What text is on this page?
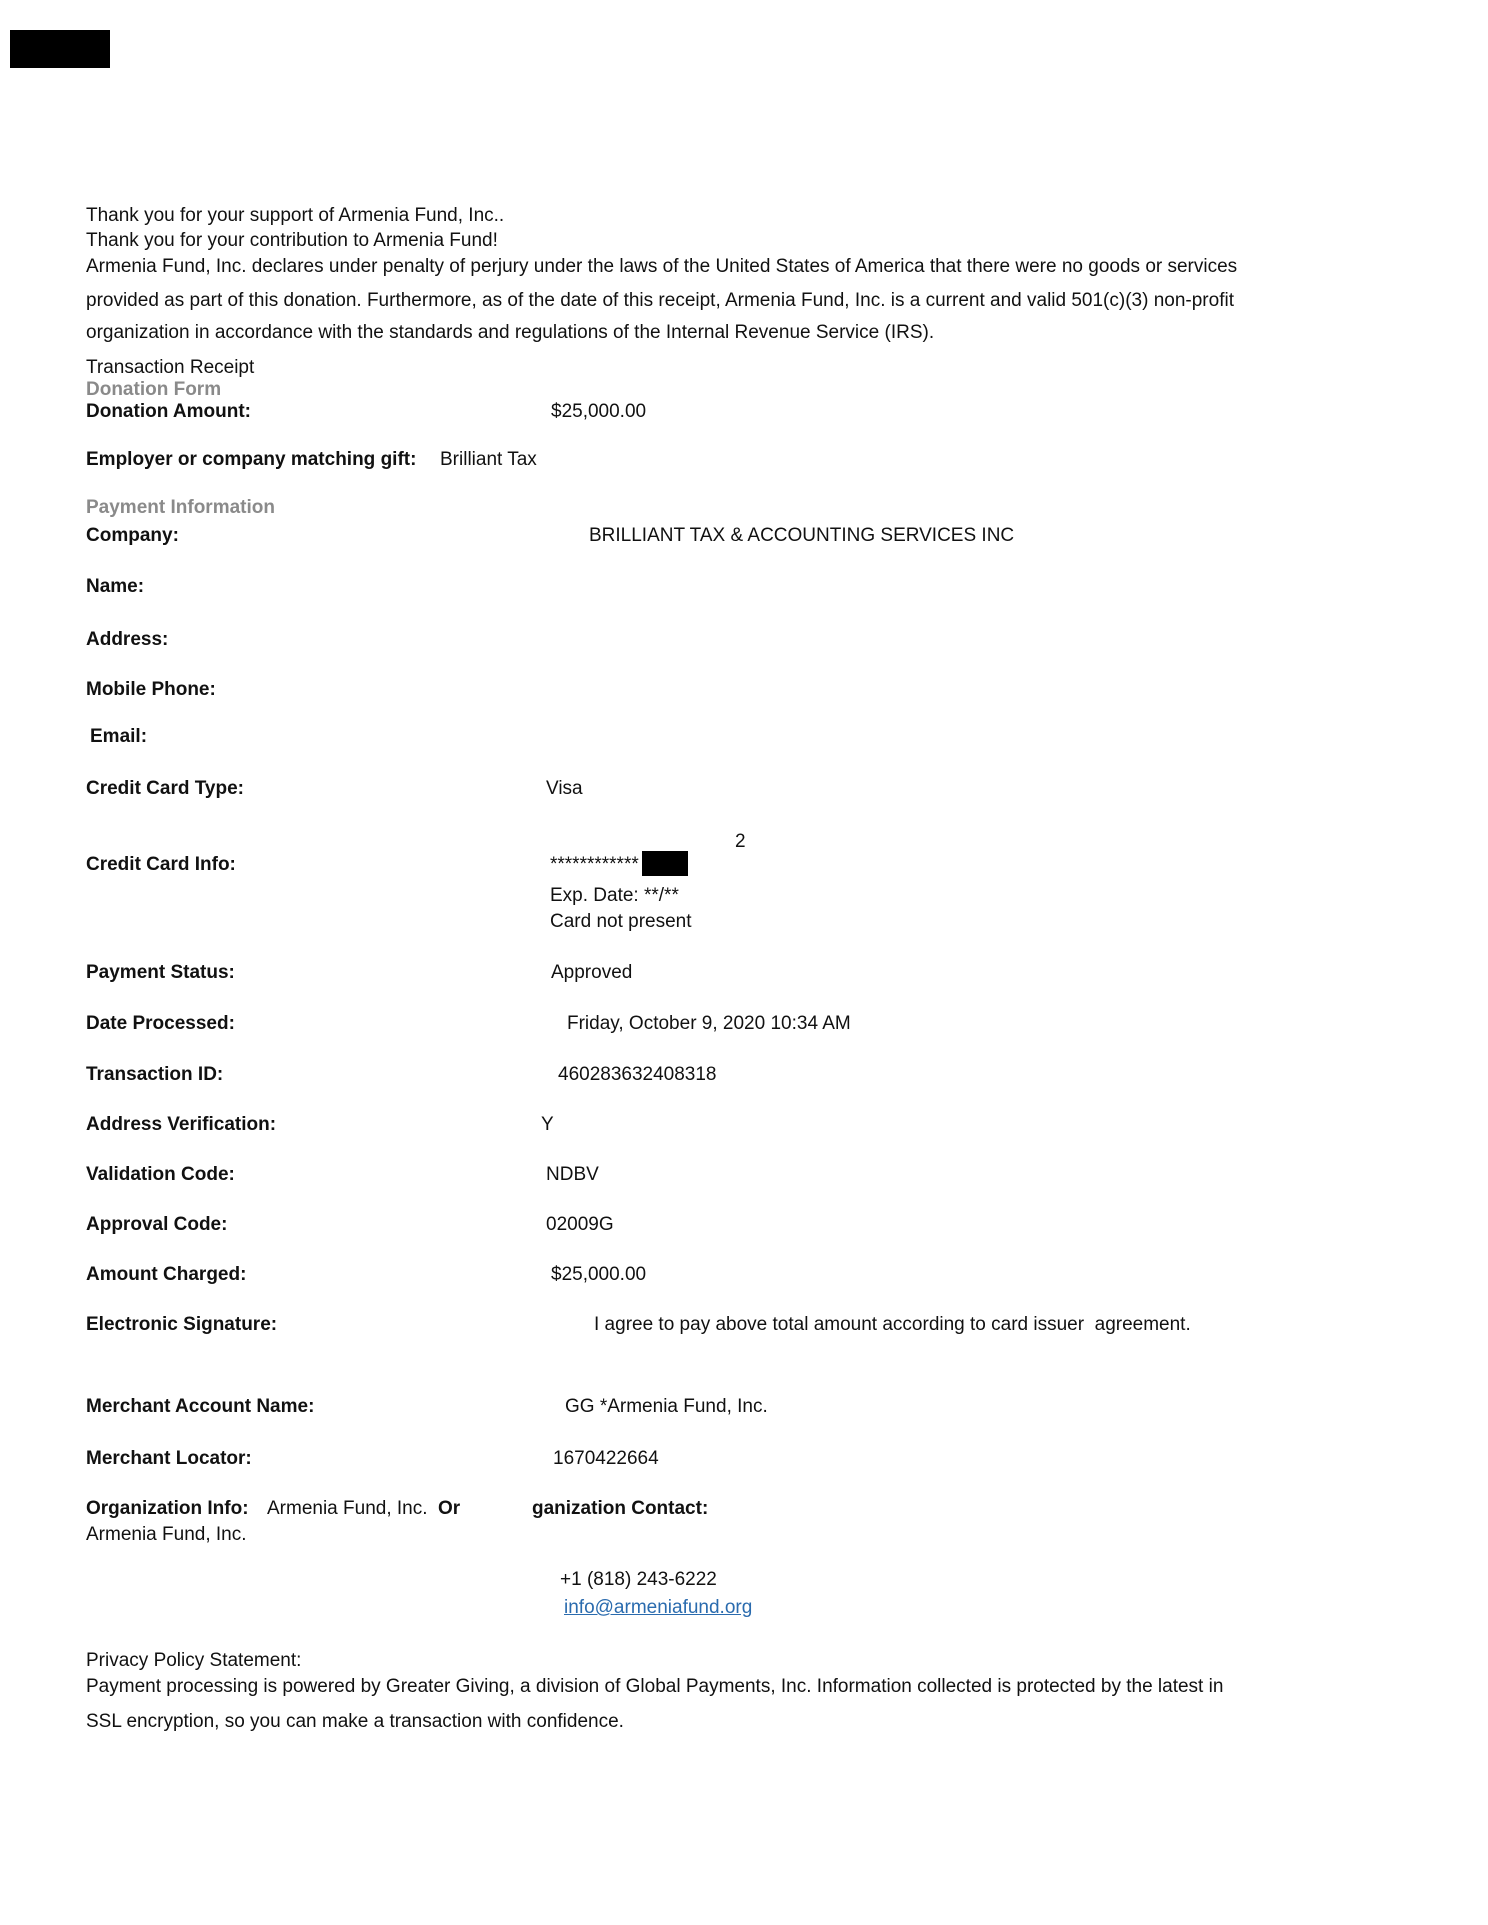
Thank you for your support of Armenia Fund, Inc..
Thank you for your contribution to Armenia Fund!
Armenia Fund, Inc. declares under penalty of perjury under the laws of the United States of America that there were no goods or services
provided as part of this donation. Furthermore, as of the date of this receipt, Armenia Fund, Inc. is a current and valid 501(c)(3) non-profit
organization in accordance with the standards and regulations of the Internal Revenue Service (IRS).
Transaction Receipt
Donation Form
Donation Amount:	$25,000.00
Employer or company matching gift: Brilliant Tax
Payment Information
Company:	BRILLIANT TAX & ACCOUNTING SERVICES INC
Name:
Address:
Mobile Phone:
Email:
Credit Card Type:	Visa
2
Credit Card Info:	************
Exp. Date: **/**
Card not present
Payment Status:	Approved
Date Processed:	Friday, October 9, 2020 10:34 AM
Transaction ID:	460283632408318
Address Verification:	Y
Validation Code:	NDBV
Approval Code:	02009G
Amount Charged:	$25,000.00
Electronic Signature:	I agree to pay above total amount according to card issuer  agreement.
Merchant Account Name:	GG *Armenia Fund, Inc.
Merchant Locator:	1670422664
Organization Info: Armenia Fund, Inc. Or	ganization Contact:
Armenia Fund, Inc.
+1 (818) 243-6222
info@armeniafund.org
Privacy Policy Statement:
Payment processing is powered by Greater Giving, a division of Global Payments, Inc. Information collected is protected by the latest in
SSL encryption, so you can make a transaction with confidence.
